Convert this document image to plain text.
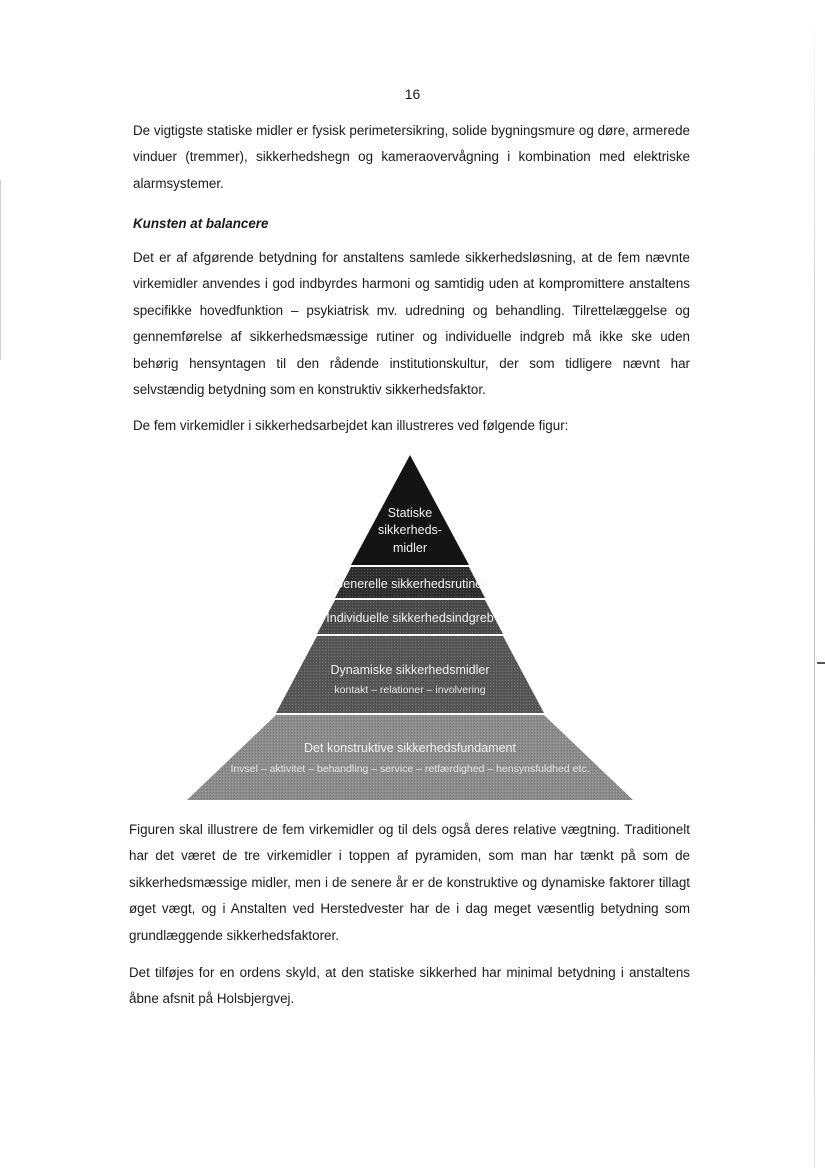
16

De vigtigste statiske midler er fysisk perimetersikring, solide bygningsmure og døre, armerede vinduer (tremmer), sikkerhedshegn og kameraovervågning i kombination med elektriske alarmsystemer.

Kunsten at balancere

Det er af afgørende betydning for anstaltens samlede sikkerhedsløsning, at de fem nævnte virkemidler anvendes i god indbyrdes harmoni og samtidig uden at kompromittere anstaltens specifikke hovedfunktion – psykiatrisk mv. udredning og behandling. Tilrettelæggelse og gennemførelse af sikkerhedsmæssige rutiner og individuelle indgreb må ikke ske uden behørig hensyntagen til den rådende institutionskultur, der som tidligere nævnt har selvstændig betydning som en konstruktiv sikkerhedsfaktor.

De fem virkemidler i sikkerhedsarbejdet kan illustreres ved følgende figur:

Statiske
sikkerheds-
midler
Generelle sikkerhedsrutiner
Individuelle sikkerhedsindgreb
Dynamiske sikkerhedsmidler
kontakt – relationer – involvering
Det konstruktive sikkerhedsfundament
Invsel – aktivitet – behandling – service – retfærdighed – hensynsfuldhed etc.

Figuren skal illustrere de fem virkemidler og til dels også deres relative vægtning. Traditionelt har det været de tre virkemidler i toppen af pyramiden, som man har tænkt på som de sikkerhedsmæssige midler, men i de senere år er de konstruktive og dynamiske faktorer tillagt øget vægt, og i Anstalten ved Herstedvester har de i dag meget væsentlig betydning som grundlæggende sikkerhedsfaktorer.

Det tilføjes for en ordens skyld, at den statiske sikkerhed har minimal betydning i anstaltens åbne afsnit på Holsbjergvej.
